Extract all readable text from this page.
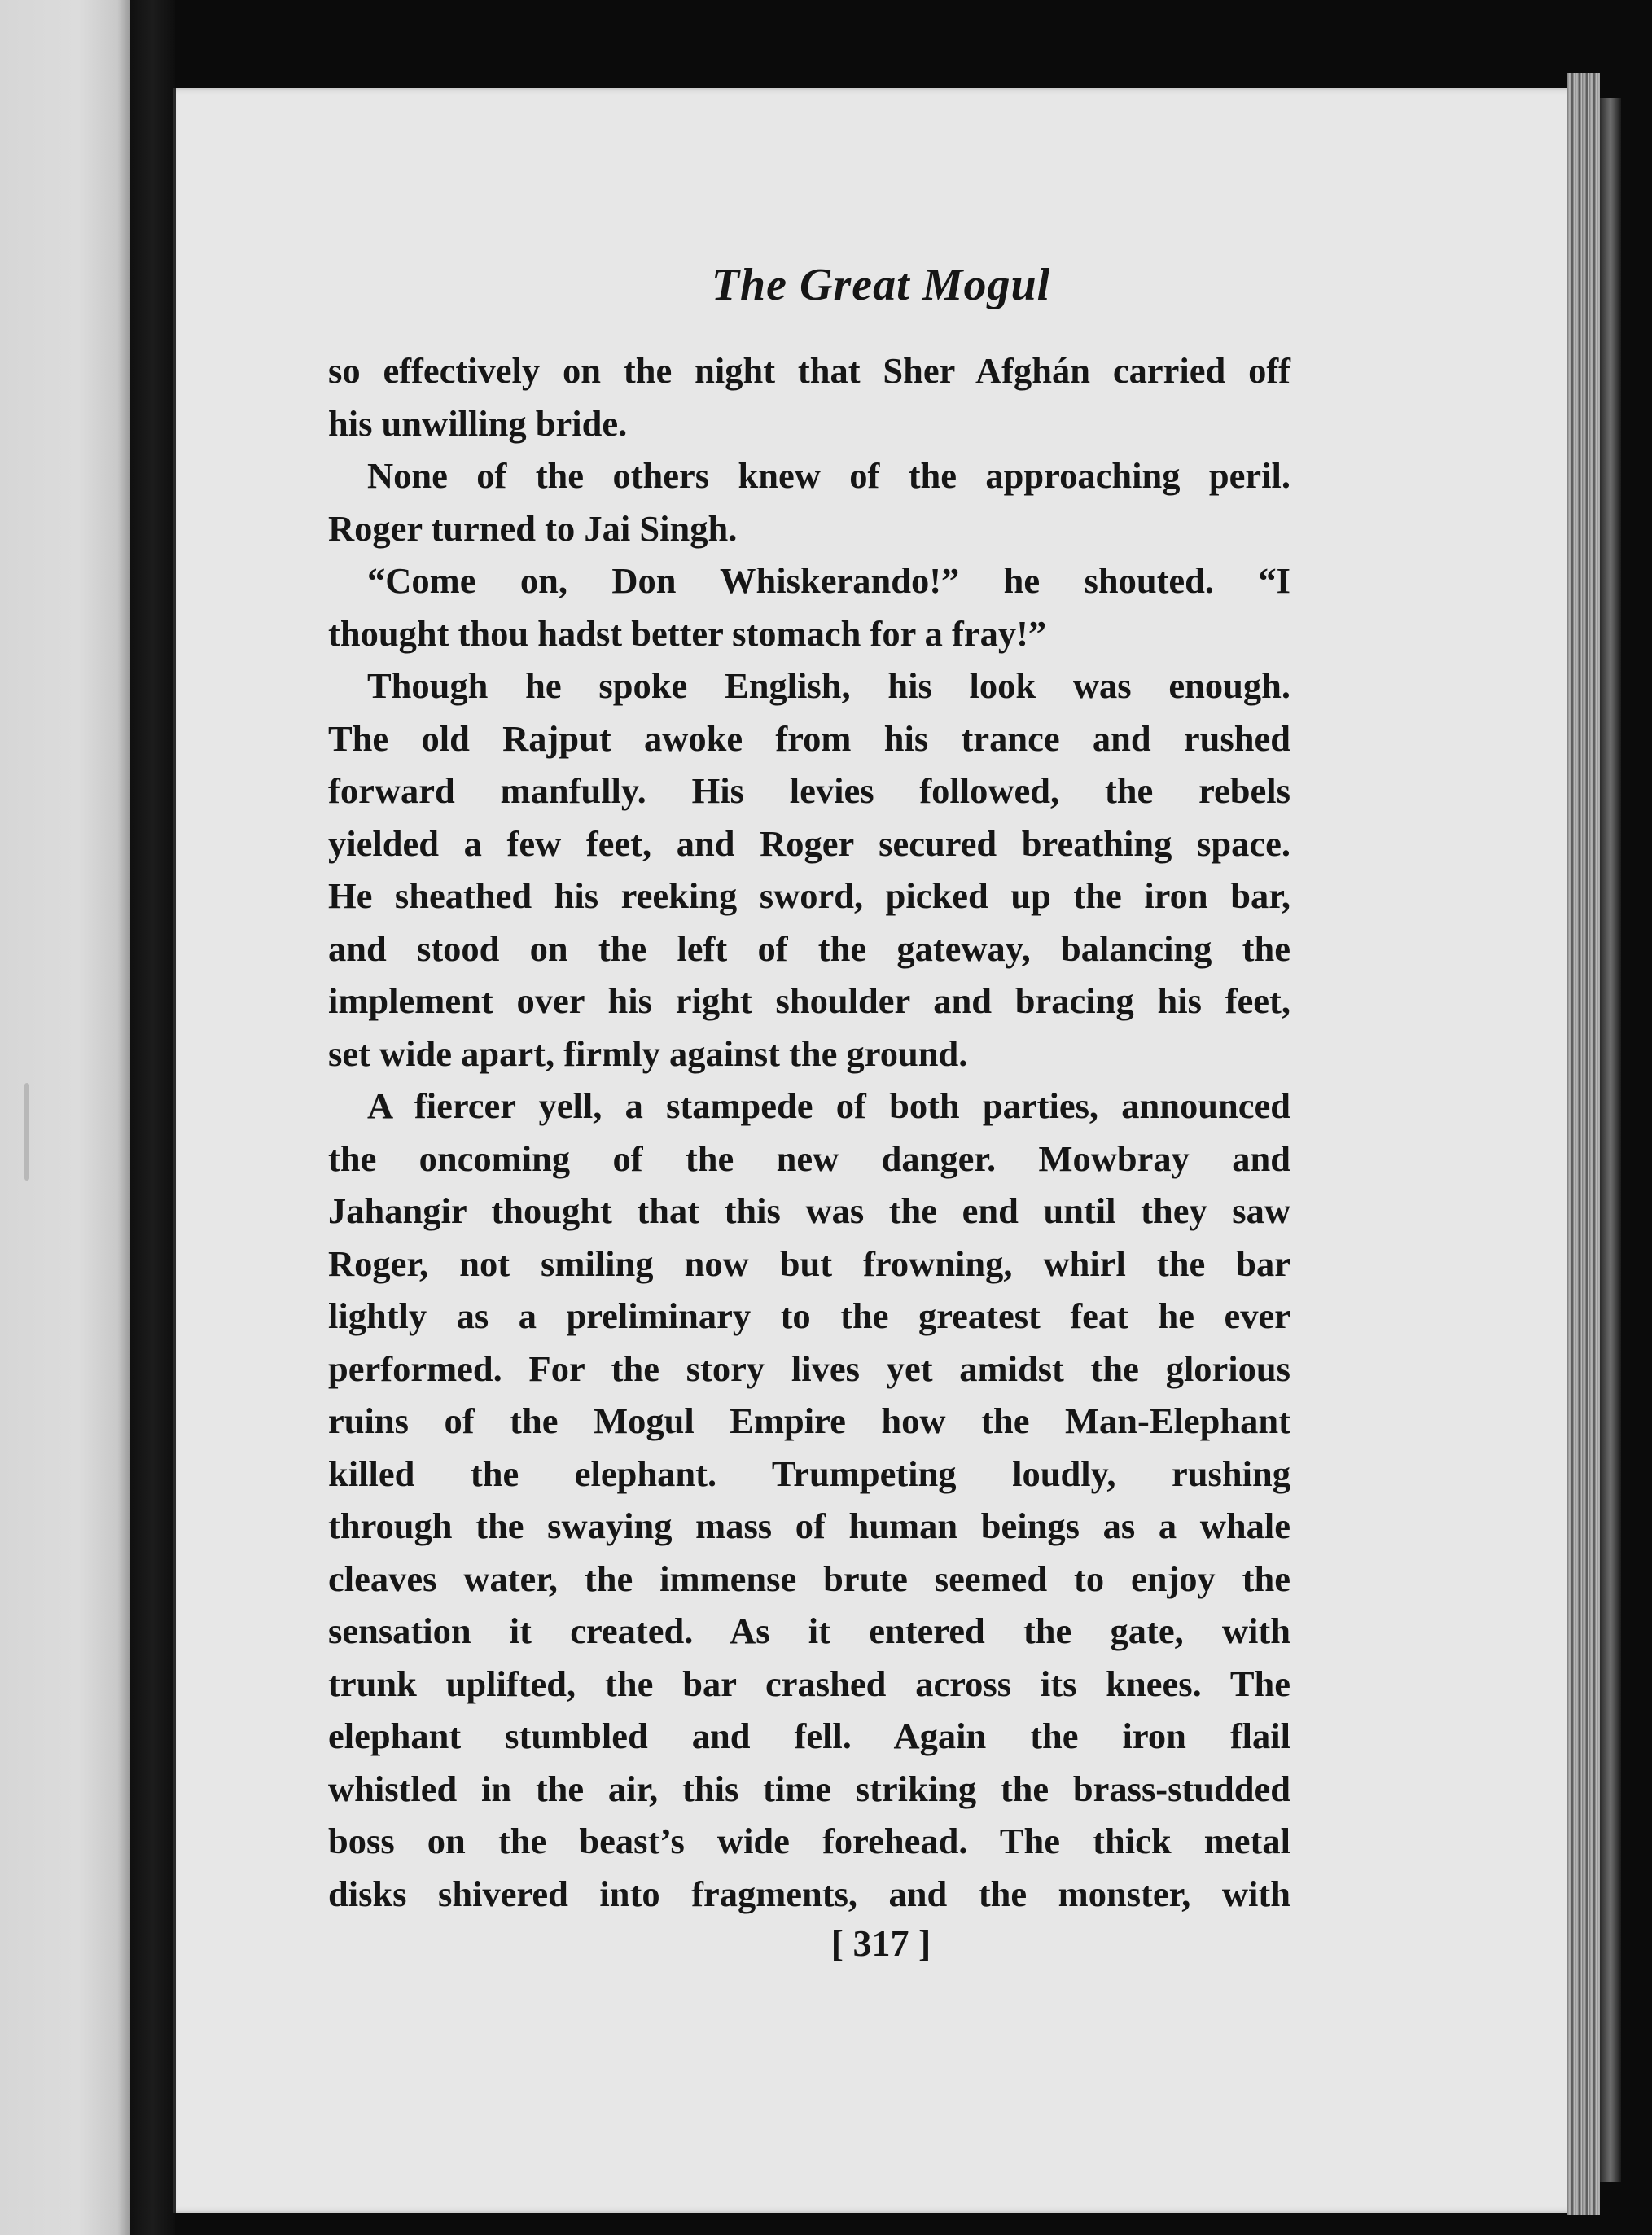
The Great Mogul

so effectively on the night that Sher Afghán carried off
his unwilling bride.

None of the others knew of the approaching peril.
Roger turned to Jai Singh.

“Come on, Don Whiskerando!” he shouted. “I
thought thou hadst better stomach for a fray!”

Though he spoke English, his look was enough.
The old Rajput awoke from his trance and rushed
forward manfully. His levies followed, the rebels
yielded a few feet, and Roger secured breathing space.
He sheathed his reeking sword, picked up the iron bar,
and stood on the left of the gateway, balancing the
implement over his right shoulder and bracing his feet,
set wide apart, firmly against the ground.

A fiercer yell, a stampede of both parties, announced
the oncoming of the new danger. Mowbray and
Jahangir thought that this was the end until they saw
Roger, not smiling now but frowning, whirl the bar
lightly as a preliminary to the greatest feat he ever
performed. For the story lives yet amidst the glorious
ruins of the Mogul Empire how the Man-Elephant
killed the elephant. Trumpeting loudly, rushing
through the swaying mass of human beings as a whale
cleaves water, the immense brute seemed to enjoy the
sensation it created. As it entered the gate, with
trunk uplifted, the bar crashed across its knees. The
elephant stumbled and fell. Again the iron flail
whistled in the air, this time striking the brass-studded
boss on the beast’s wide forehead. The thick metal
disks shivered into fragments, and the monster, with

[ 317 ]
